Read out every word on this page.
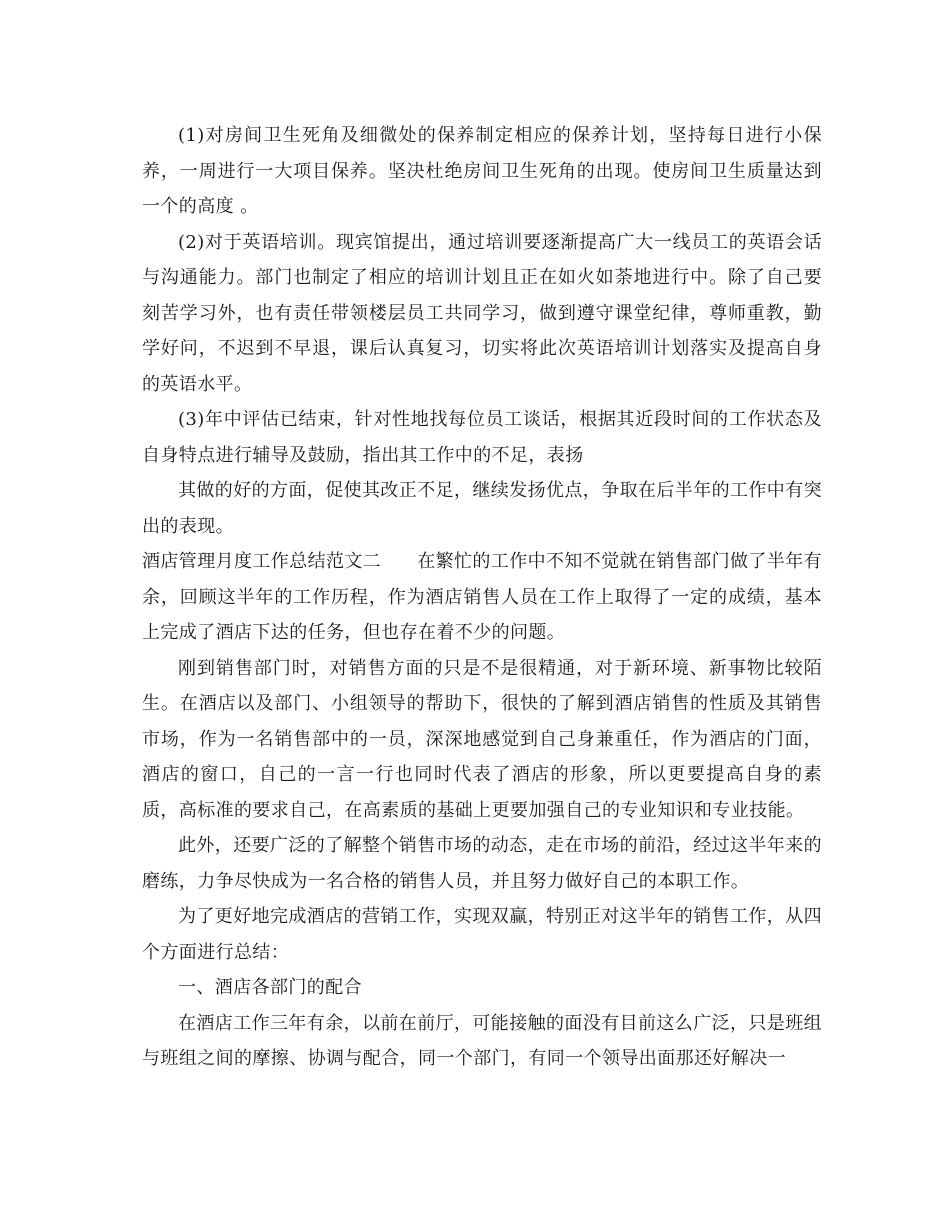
(1)对房间卫生死角及细微处的保养制定相应的保养计划，坚持每日进行小保养，一周进行一大项目保养。坚决杜绝房间卫生死角的出现。使房间卫生质量达到一个的高度 。

(2)对于英语培训。现宾馆提出，通过培训要逐渐提高广大一线员工的英语会话与沟通能力。部门也制定了相应的培训计划且正在如火如荼地进行中。除了自己要刻苦学习外，也有责任带领楼层员工共同学习，做到遵守课堂纪律，尊师重教，勤学好问，不迟到不早退，课后认真复习，切实将此次英语培训计划落实及提高自身的英语水平。

(3)年中评估已结束，针对性地找每位员工谈话，根据其近段时间的工作状态及自身特点进行辅导及鼓励，指出其工作中的不足，表扬

其做的好的方面，促使其改正不足，继续发扬优点，争取在后半年的工作中有突出的表现。

酒店管理月度工作总结范文二 在繁忙的工作中不知不觉就在销售部门做了半年有余，回顾这半年的工作历程，作为酒店销售人员在工作上取得了一定的成绩，基本上完成了酒店下达的任务，但也存在着不少的问题。

刚到销售部门时，对销售方面的只是不是很精通，对于新环境、新事物比较陌生。在酒店以及部门、小组领导的帮助下，很快的了解到酒店销售的性质及其销售市场，作为一名销售部中的一员，深深地感觉到自己身兼重任，作为酒店的门面，酒店的窗口，自己的一言一行也同时代表了酒店的形象，所以更要提高自身的素质，高标准的要求自己，在高素质的基础上更要加强自己的专业知识和专业技能。

此外，还要广泛的了解整个销售市场的动态，走在市场的前沿，经过这半年来的磨练，力争尽快成为一名合格的销售人员，并且努力做好自己的本职工作。

为了更好地完成酒店的营销工作，实现双赢，特别正对这半年的销售工作，从四个方面进行总结：

一、酒店各部门的配合

在酒店工作三年有余，以前在前厅，可能接触的面没有目前这么广泛，只是班组与班组之间的摩擦、协调与配合，同一个部门，有同一个领导出面那还好解决一
